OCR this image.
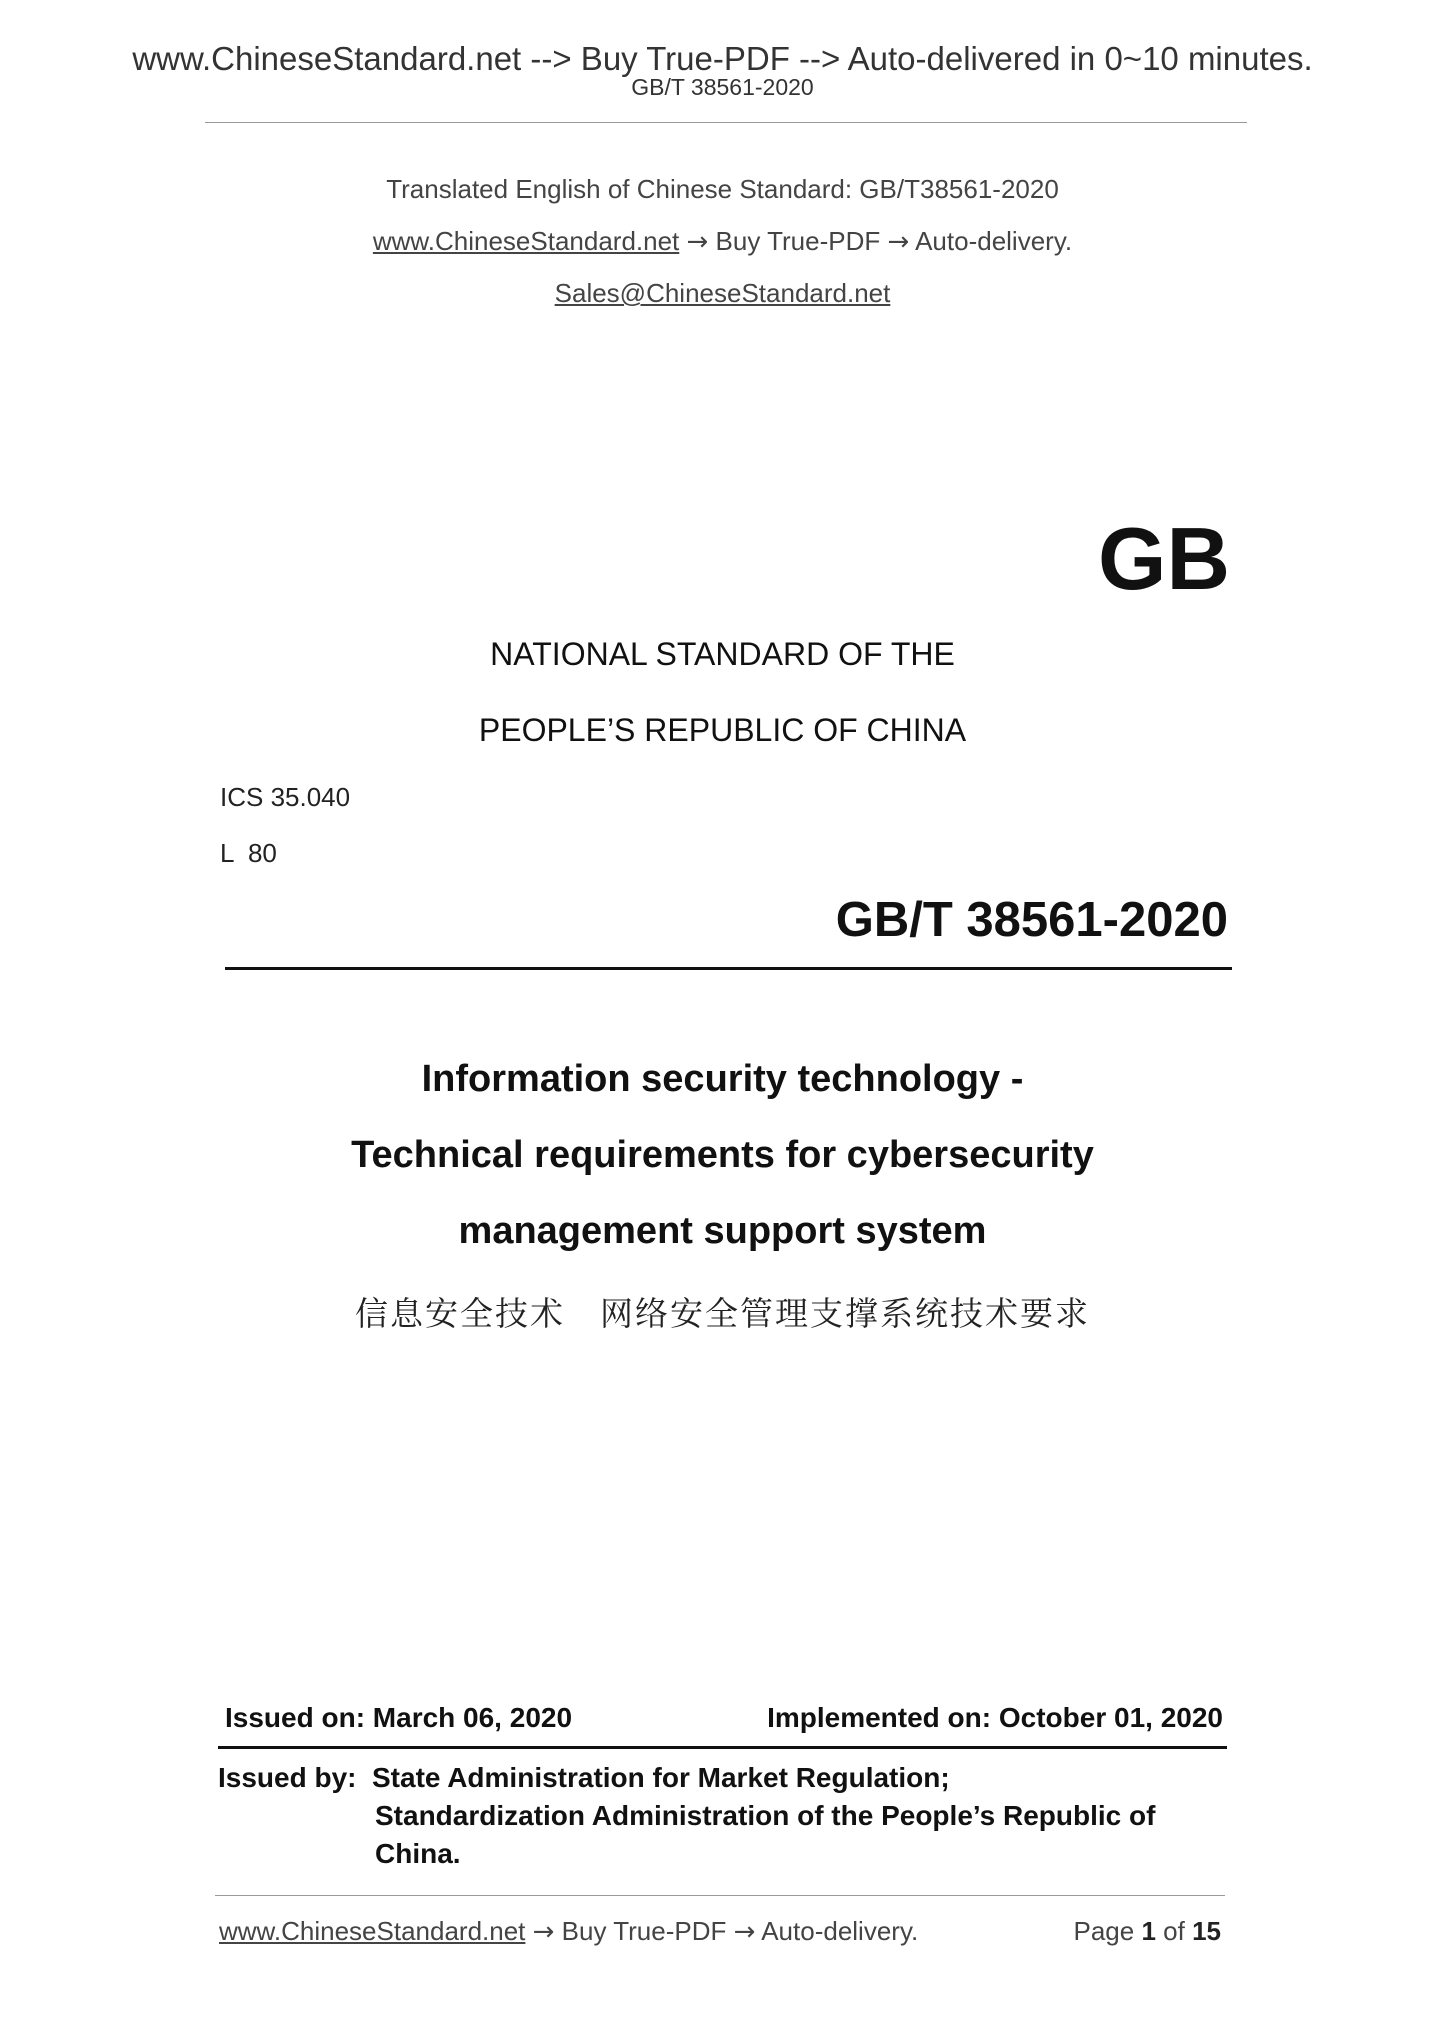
www.ChineseStandard.net --> Buy True-PDF --> Auto-delivered in 0~10 minutes.
GB/T 38561-2020
Translated English of Chinese Standard: GB/T38561-2020
www.ChineseStandard.net → Buy True-PDF → Auto-delivery.
Sales@ChineseStandard.net
GB
NATIONAL STANDARD OF THE
PEOPLE’S REPUBLIC OF CHINA
ICS 35.040
L  80
GB/T 38561-2020
Information security technology -
Technical requirements for cybersecurity
management support system
信息安全技术　网络安全管理支撑系统技术要求
Issued on: March 06, 2020	Implemented on: October 01, 2020
Issued by: State Administration for Market Regulation;
Standardization Administration of the People’s Republic of
China.
www.ChineseStandard.net → Buy True-PDF → Auto-delivery.	Page 1 of 15
